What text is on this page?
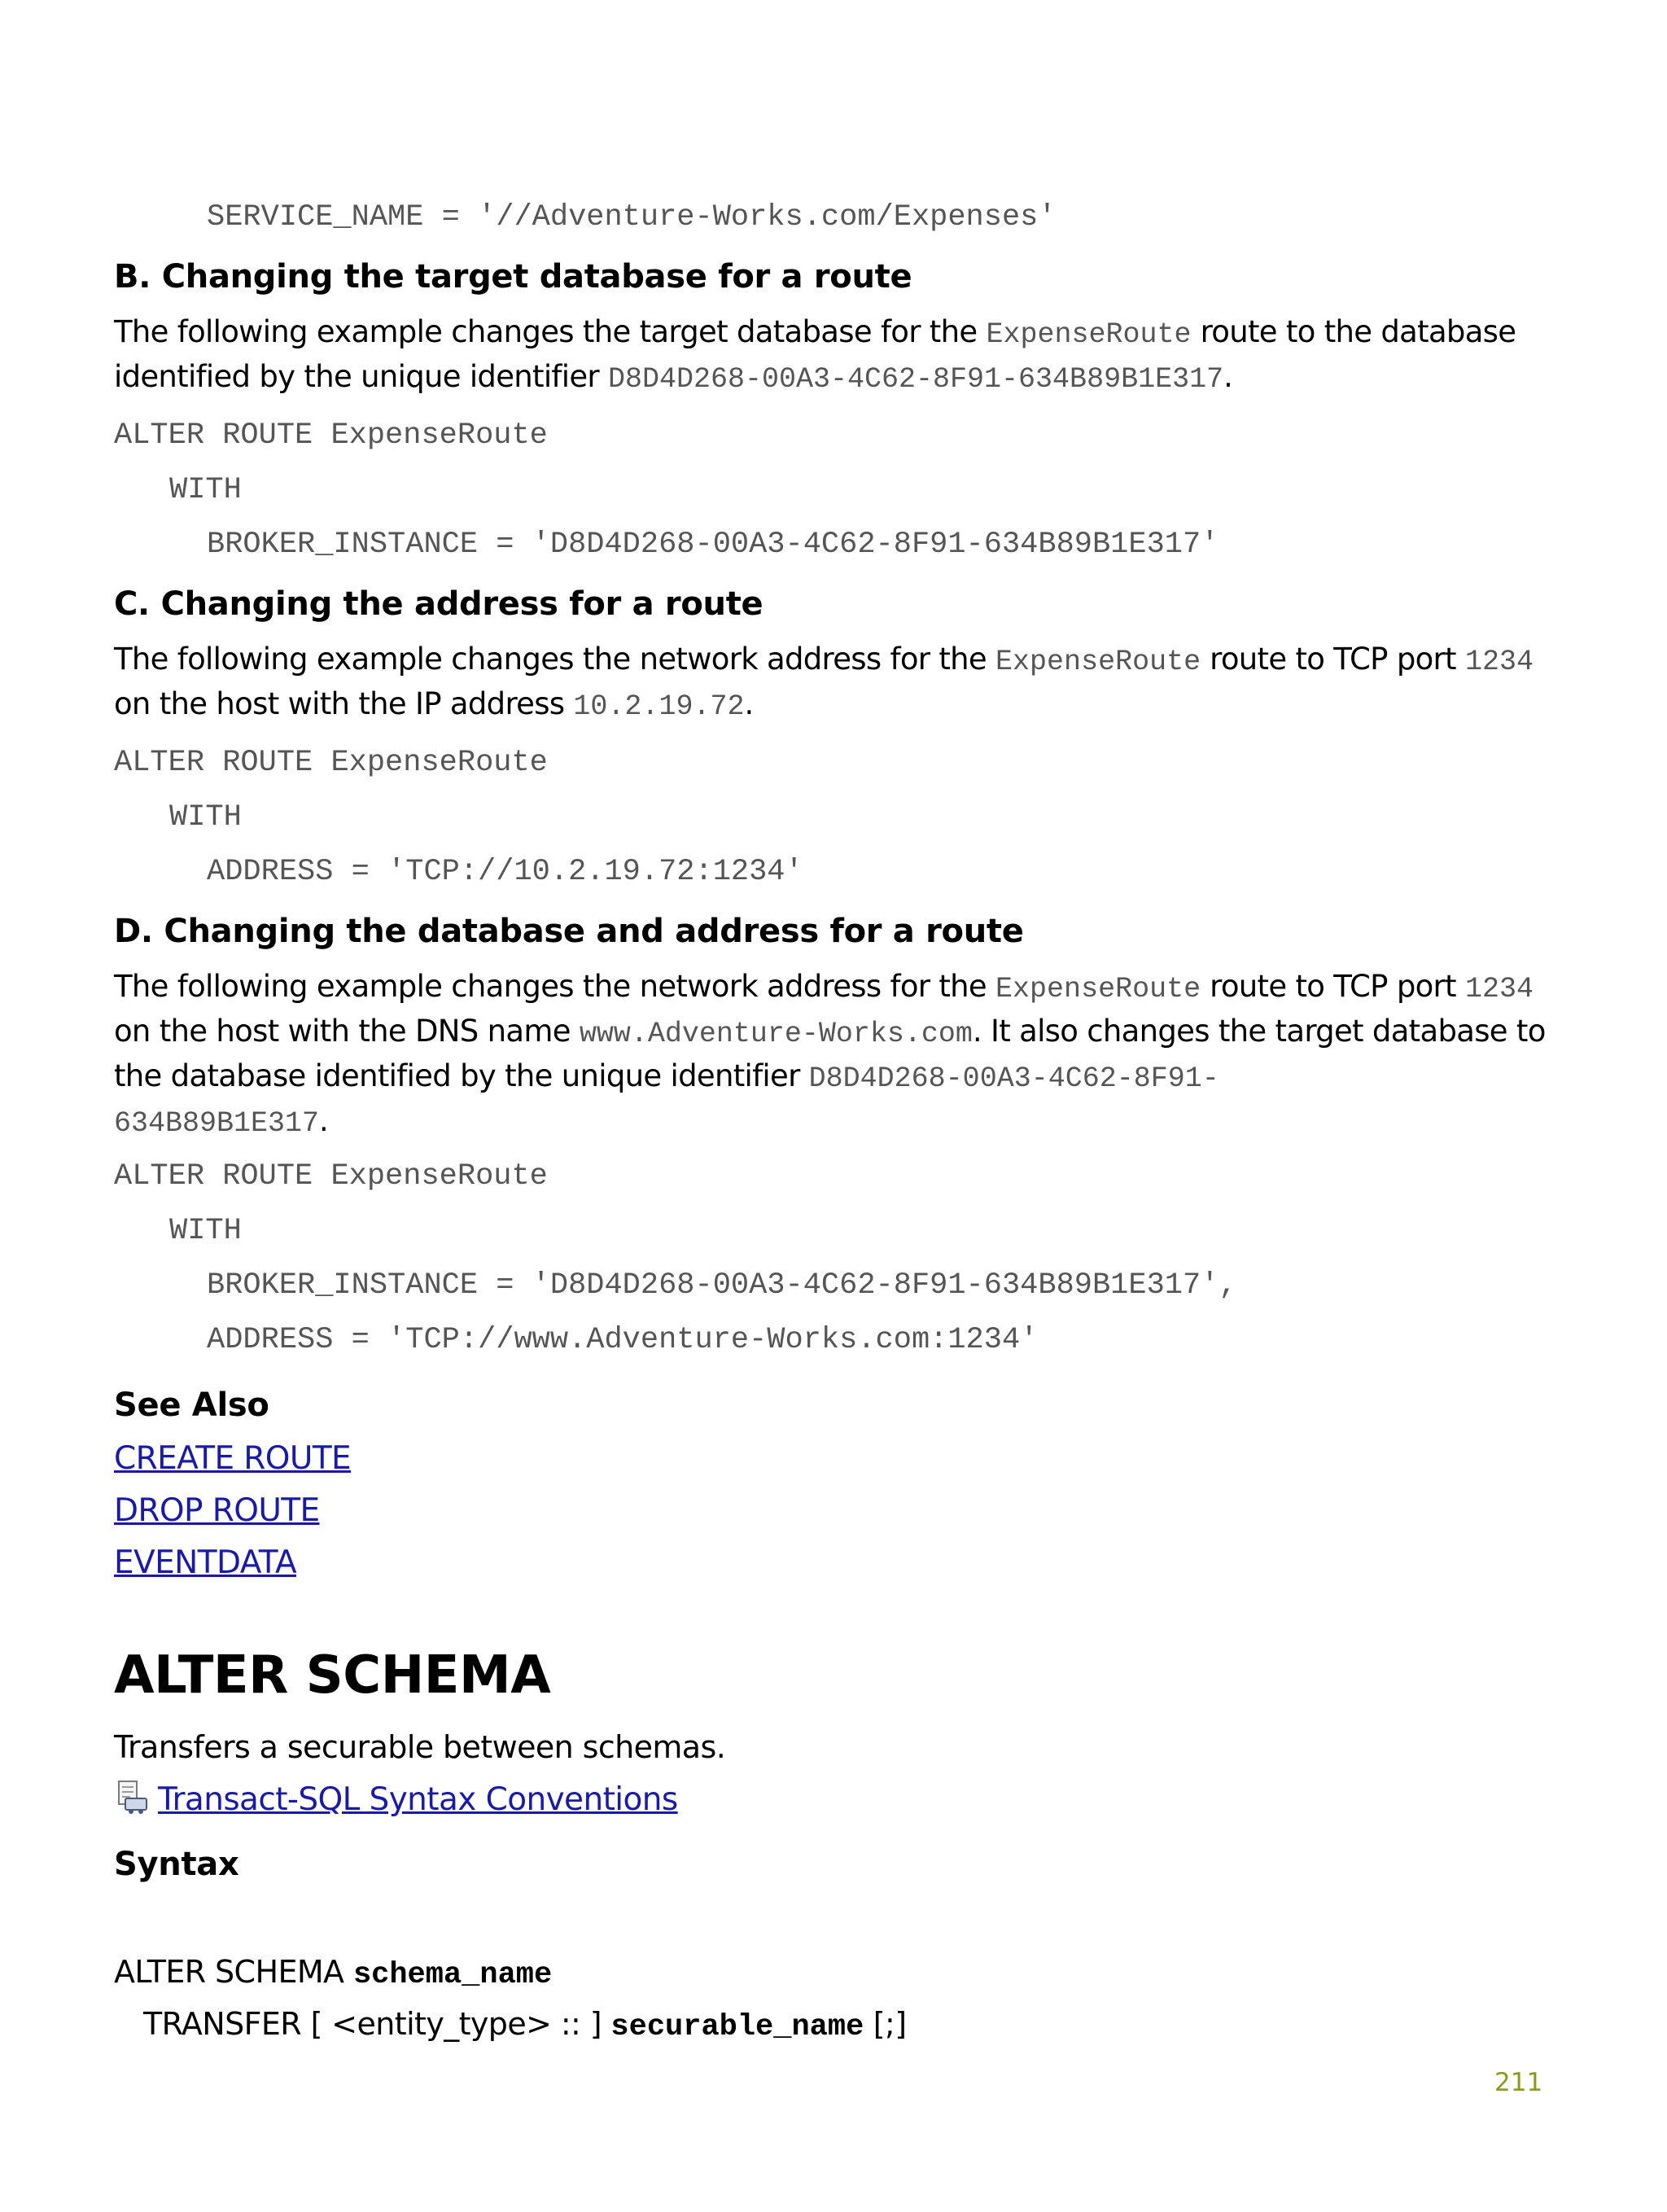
SERVICE_NAME = '//Adventure-Works.com/Expenses'
B. Changing the target database for a route

The following example changes the target database for the ExpenseRoute route to the database identified by the unique identifier D8D4D268-00A3-4C62-8F91-634B89B1E317.

ALTER ROUTE ExpenseRoute
WITH
BROKER_INSTANCE = 'D8D4D268-00A3-4C62-8F91-634B89B1E317'
C. Changing the address for a route

The following example changes the network address for the ExpenseRoute route to TCP port 1234 on the host with the IP address 10.2.19.72.

ALTER ROUTE ExpenseRoute
WITH
ADDRESS = 'TCP://10.2.19.72:1234'
D. Changing the database and address for a route

The following example changes the network address for the ExpenseRoute route to TCP port 1234 on the host with the DNS name www.Adventure-Works.com. It also changes the target database to the database identified by the unique identifier D8D4D268-00A3-4C62-8F91-
634B89B1E317.

ALTER ROUTE ExpenseRoute
WITH
BROKER_INSTANCE = 'D8D4D268-00A3-4C62-8F91-634B89B1E317',
ADDRESS = 'TCP://www.Adventure-Works.com:1234'
See Also
CREATE ROUTE
DROP ROUTE
EVENTDATA
ALTER SCHEMA
Transfers a securable between schemas.
Transact-SQL Syntax Conventions
Syntax
ALTER SCHEMA schema_name
TRANSFER [ <entity_type> :: ] securable_name [;]
211
